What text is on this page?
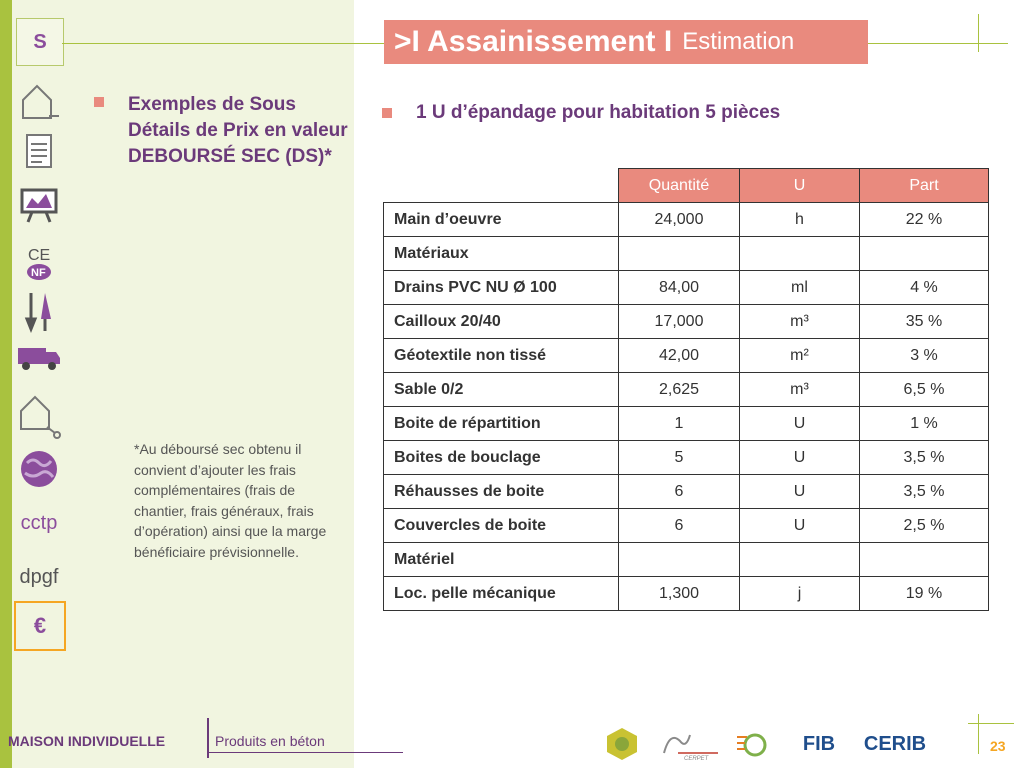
S
CE
NF
cctp
dpgf
€
>I Assainissement I Estimation
Exemples de Sous Détails de Prix en valeur DEBOURSÉ SEC (DS)*
*Au déboursé sec obtenu il convient d’ajouter les frais complémentaires (frais de chantier, frais généraux, frais d’opération) ainsi que la marge bénéficiaire prévisionnelle.
1 U d’épandage pour habitation 5 pièces
	Quantité	U	Part
Main d’oeuvre	24,000	h	22 %
Matériaux			
Drains PVC NU Ø 100	84,00	ml	4 %
Cailloux 20/40	17,000	m³	35 %
Géotextile non tissé	42,00	m²	3 %
Sable 0/2	2,625	m³	6,5 %
Boite de répartition	1	U	1 %
Boites de bouclage	5	U	3,5 %
Réhausses de boite	6	U	3,5 %
Couvercles de boite	6	U	2,5 %
Matériel			
Loc. pelle mécanique	1,300	j	19 %
MAISON INDIVIDUELLE	Produits en béton
CERPET
FIB	CERIB	23
